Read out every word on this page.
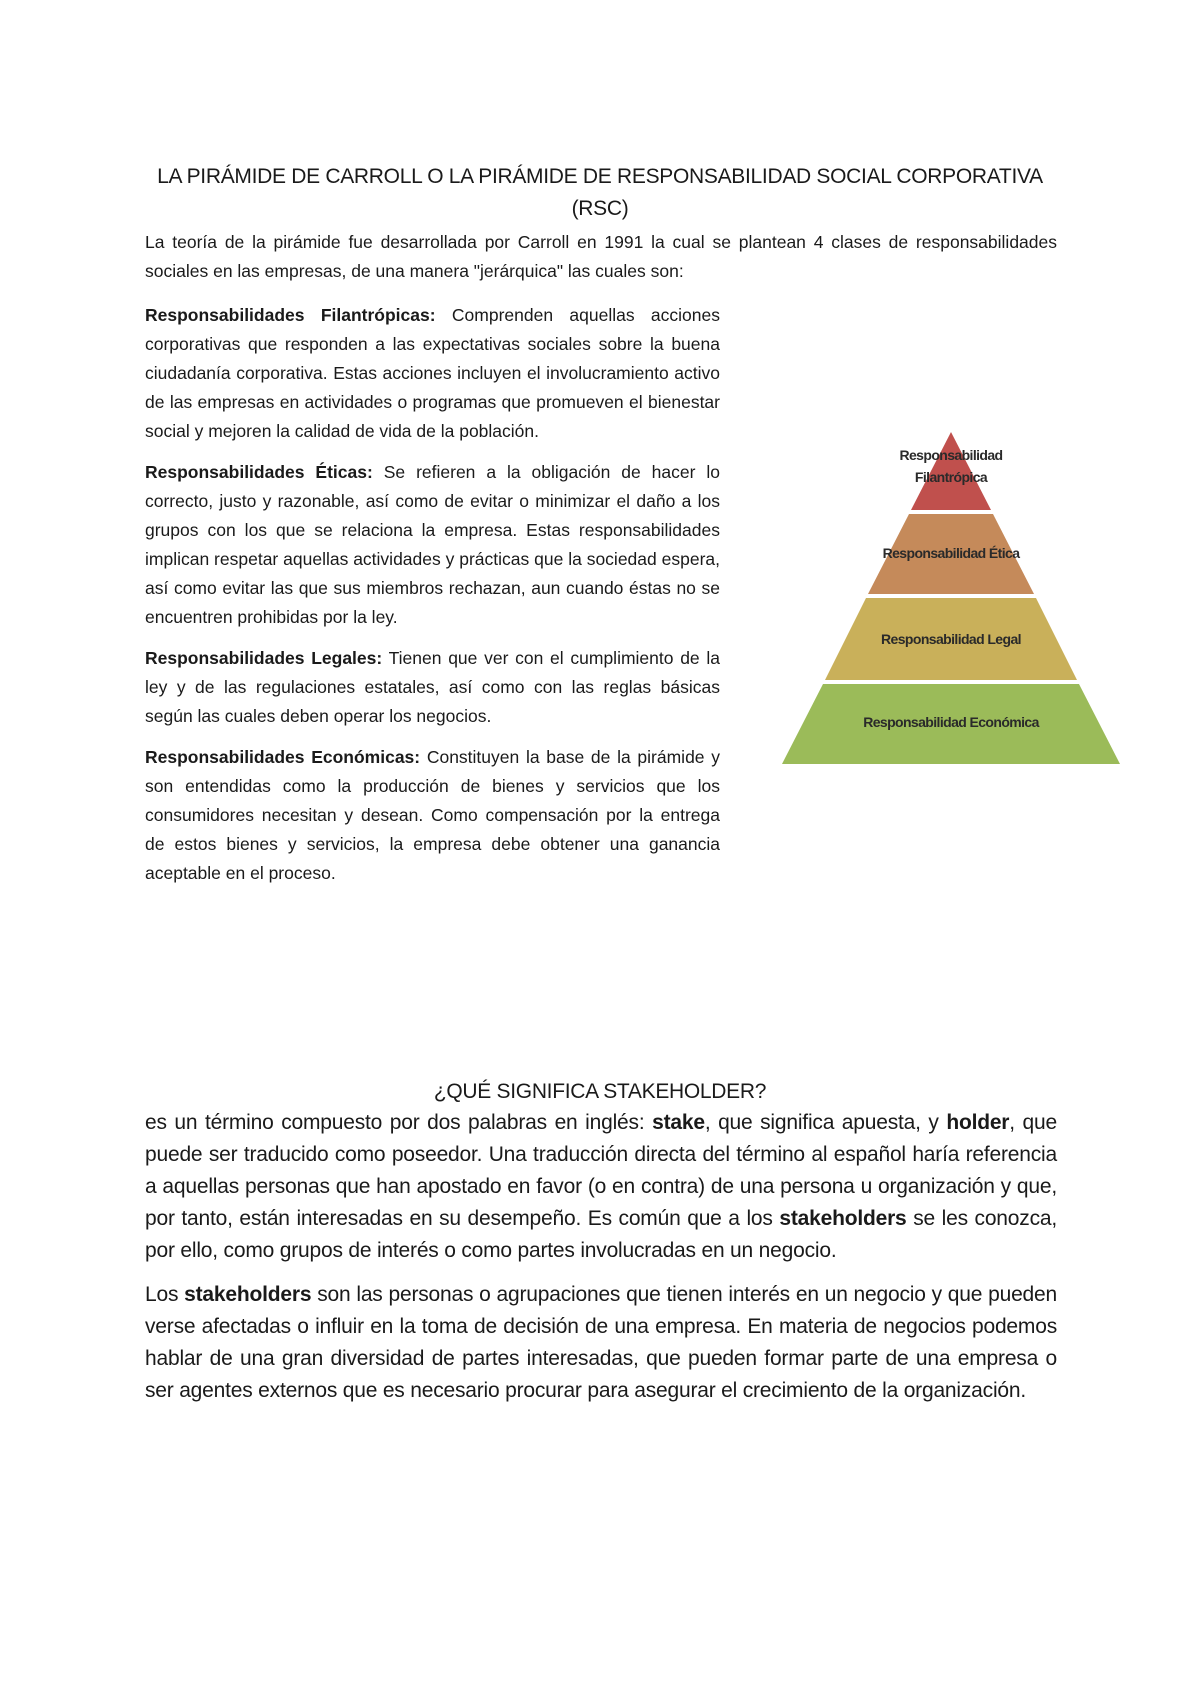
LA PIRÁMIDE DE CARROLL O LA PIRÁMIDE DE RESPONSABILIDAD SOCIAL CORPORATIVA (RSC)

La teoría de la pirámide fue desarrollada por Carroll en 1991 la cual se plantean 4 clases de responsabilidades sociales en las empresas, de una manera "jerárquica" las cuales son:

Responsabilidades Filantrópicas: Comprenden aquellas acciones corporativas que responden a las expectativas sociales sobre la buena ciudadanía corporativa. Estas acciones incluyen el involucramiento activo de las empresas en actividades o programas que promueven el bienestar social y mejoren la calidad de vida de la población.

Responsabilidades Éticas: Se refieren a la obligación de hacer lo correcto, justo y razonable, así como de evitar o minimizar el daño a los grupos con los que se relaciona la empresa. Estas responsabilidades implican respetar aquellas actividades y prácticas que la sociedad espera, así como evitar las que sus miembros rechazan, aun cuando éstas no se encuentren prohibidas por la ley.

Responsabilidades Legales: Tienen que ver con el cumplimiento de la ley y de las regulaciones estatales, así como con las reglas básicas según las cuales deben operar los negocios.

Responsabilidades Económicas: Constituyen la base de la pirámide y son entendidas como la producción de bienes y servicios que los consumidores necesitan y desean. Como compensación por la entrega de estos bienes y servicios, la empresa debe obtener una ganancia aceptable en el proceso.

Responsabilidad
Filantrópica
Responsabilidad Ética
Responsabilidad Legal
Responsabilidad Económica
¿QUÉ SIGNIFICA STAKEHOLDER?

es un término compuesto por dos palabras en inglés: stake, que significa apuesta, y holder, que puede ser traducido como poseedor. Una traducción directa del término al español haría referencia a aquellas personas que han apostado en favor (o en contra) de una persona u organización y que, por tanto, están interesadas en su desempeño. Es común que a los stakeholders se les conozca, por ello, como grupos de interés o como partes involucradas en un negocio.

Los stakeholders son las personas o agrupaciones que tienen interés en un negocio y que pueden verse afectadas o influir en la toma de decisión de una empresa. En materia de negocios podemos hablar de una gran diversidad de partes interesadas, que pueden formar parte de una empresa o ser agentes externos que es necesario procurar para asegurar el crecimiento de la organización.
